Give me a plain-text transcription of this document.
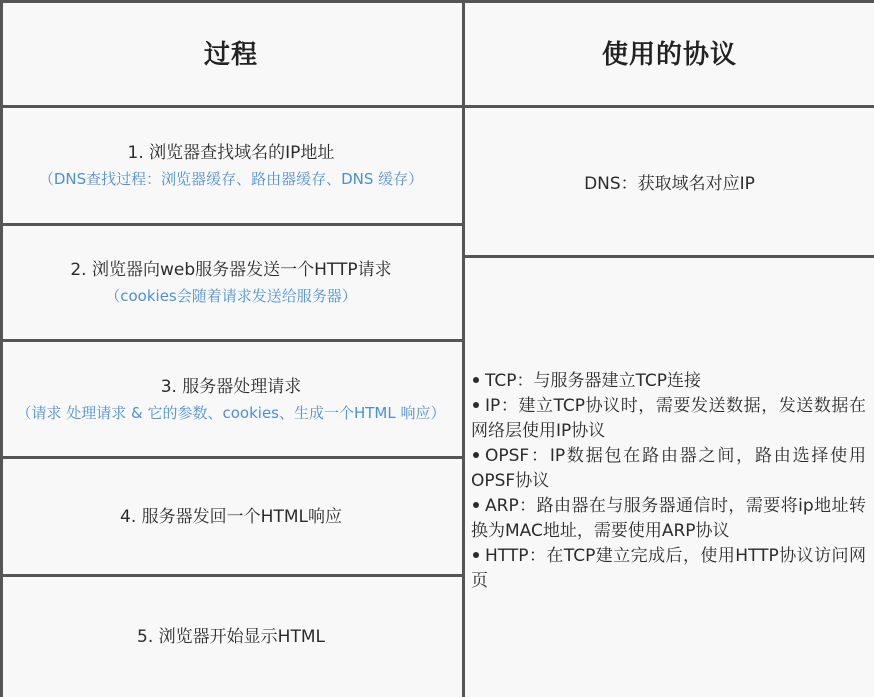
过程	使用的协议
1. 浏览器查找域名的IP地址
（DNS查找过程：浏览器缓存、路由器缓存、DNS 缓存）
2. 浏览器向web服务器发送一个HTTP请求
（cookies会随着请求发送给服务器）
3. 服务器处理请求
（请求 处理请求 & 它的参数、cookies、生成一个HTML 响应）
4. 服务器发回一个HTML响应
5. 浏览器开始显示HTML
DNS：获取域名对应IP
TCP：与服务器建立TCP连接
IP：建立TCP协议时，需要发送数据，发送数据在网络层使用IP协议
OPSF：IP数据包在路由器之间，路由选择使用OPSF协议
ARP：路由器在与服务器通信时，需要将ip地址转换为MAC地址，需要使用ARP协议
HTTP：在TCP建立完成后，使用HTTP协议访问网页
